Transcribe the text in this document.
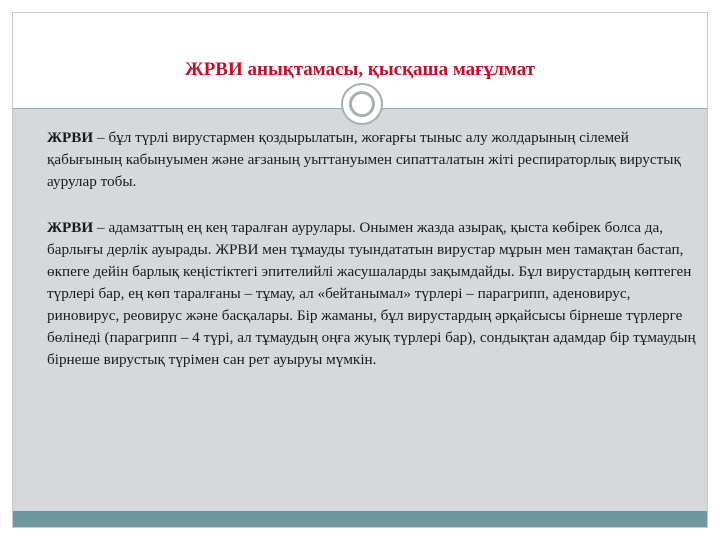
ЖРВИ анықтамасы, қысқаша мағұлмат
ЖРВИ – бұл түрлі вирустармен қоздырылатын, жоғарғы тыныс алу жолдарының сілемей қабығының кабынуымен және ағзаның уыттануымен сипатталатын жіті респираторлық вирустық аурулар тобы.
ЖРВИ – адамзаттың ең кең таралған аурулары. Онымен жазда азырақ, қыста көбірек болса да, барлығы дерлік ауырады. ЖРВИ мен тұмауды туындататын вирустар мұрын мен тамақтан бастап, өкпеге дейін барлық кеңістіктегі эпителийлі жасушаларды зақымдайды. Бұл вирустардың көптеген түрлері бар, ең көп таралғаны – тұмау, ал «бейтанымал» түрлері – парагрипп, аденовирус, риновирус, реовирус және басқалары. Бір жаманы, бұл вирустардың әрқайсысы бірнеше түрлерге бөлінеді (парагрипп – 4 түрі, ал тұмаудың оңға жуық түрлері бар), сондықтан адамдар бір тұмаудың бірнеше вирустық түрімен сан рет ауыруы мүмкін.
